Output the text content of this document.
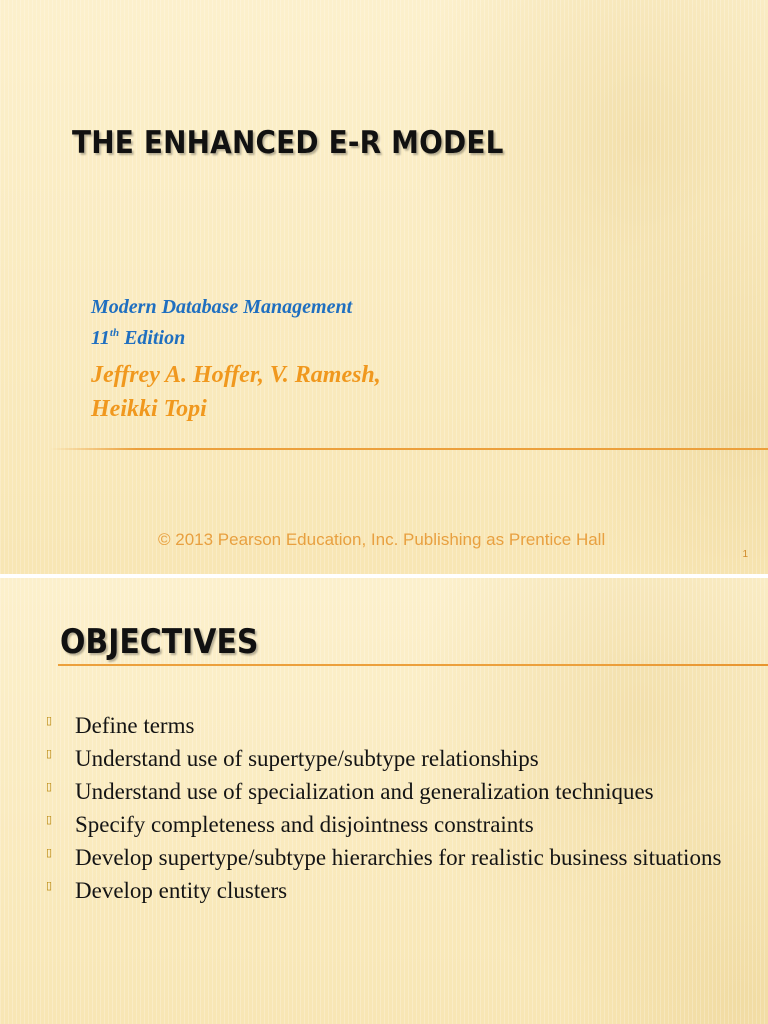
THE ENHANCED E-R MODEL
Modern Database Management
11th Edition
Jeffrey A. Hoffer, V. Ramesh,
Heikki Topi
© 2013 Pearson Education, Inc. Publishing as Prentice Hall
1
OBJECTIVES
▯ Define terms
▯ Understand use of supertype/subtype relationships
▯ Understand use of specialization and generalization techniques
▯ Specify completeness and disjointness constraints
▯ Develop supertype/subtype hierarchies for realistic business situations
▯ Develop entity clusters
